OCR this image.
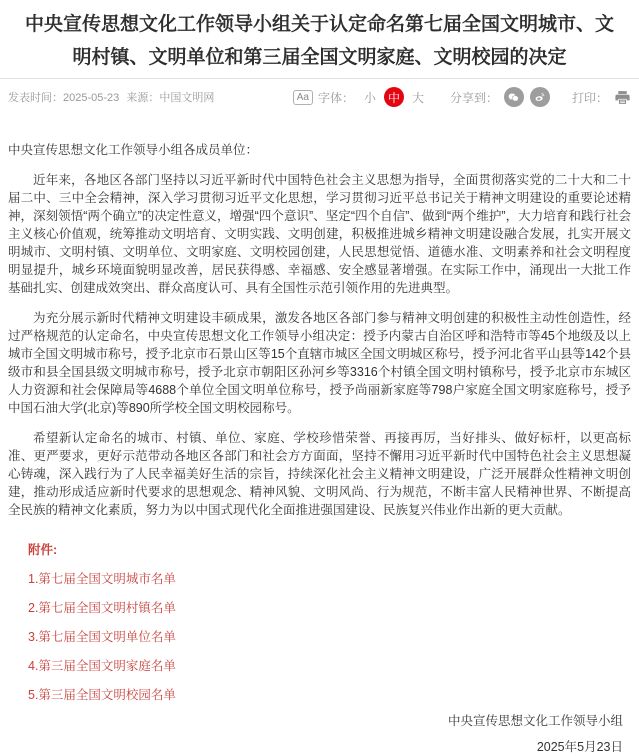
中央宣传思想文化工作领导小组关于认定命名第七届全国文明城市、文明村镇、文明单位和第三届全国文明家庭、文明校园的决定
发表时间：2025-05-23 来源：中国文明网	Aa 字体： 小 中 大	分享到：	打印：

中央宣传思想文化工作领导小组各成员单位：

近年来，各地区各部门坚持以习近平新时代中国特色社会主义思想为指导，全面贯彻落实党的二十大和二十届二中、三中全会精神，深入学习贯彻习近平文化思想，学习贯彻习近平总书记关于精神文明建设的重要论述精神，深刻领悟“两个确立”的决定性意义，增强“四个意识”、坚定“四个自信”、做到“两个维护”，大力培育和践行社会主义核心价值观，统筹推动文明培育、文明实践、文明创建，积极推进城乡精神文明建设融合发展，扎实开展文明城市、文明村镇、文明单位、文明家庭、文明校园创建，人民思想觉悟、道德水准、文明素养和社会文明程度明显提升，城乡环境面貌明显改善，居民获得感、幸福感、安全感显著增强。在实际工作中，涌现出一大批工作基础扎实、创建成效突出、群众高度认可、具有全国性示范引领作用的先进典型。

为充分展示新时代精神文明建设丰硕成果，激发各地区各部门参与精神文明创建的积极性主动性创造性，经过严格规范的认定命名，中央宣传思想文化工作领导小组决定：授予内蒙古自治区呼和浩特市等45个地级及以上城市全国文明城市称号，授予北京市石景山区等15个直辖市城区全国文明城区称号，授予河北省平山县等142个县级市和县全国县级文明城市称号，授予北京市朝阳区孙河乡等3316个村镇全国文明村镇称号，授予北京市东城区人力资源和社会保障局等4688个单位全国文明单位称号，授予尚丽新家庭等798户家庭全国文明家庭称号，授予中国石油大学(北京)等890所学校全国文明校园称号。

希望新认定命名的城市、村镇、单位、家庭、学校珍惜荣誉、再接再厉，当好排头、做好标杆，以更高标准、更严要求，更好示范带动各地区各部门和社会方方面面，坚持不懈用习近平新时代中国特色社会主义思想凝心铸魂，深入践行为了人民幸福美好生活的宗旨，持续深化社会主义精神文明建设，广泛开展群众性精神文明创建，推动形成适应新时代要求的思想观念、精神风貌、文明风尚、行为规范，不断丰富人民精神世界、不断提高全民族的精神文化素质，努力为以中国式现代化全面推进强国建设、民族复兴伟业作出新的更大贡献。

附件:
1.第七届全国文明城市名单
2.第七届全国文明村镇名单
3.第七届全国文明单位名单
4.第三届全国文明家庭名单
5.第三届全国文明校园名单
中央宣传思想文化工作领导小组
2025年5月23日
